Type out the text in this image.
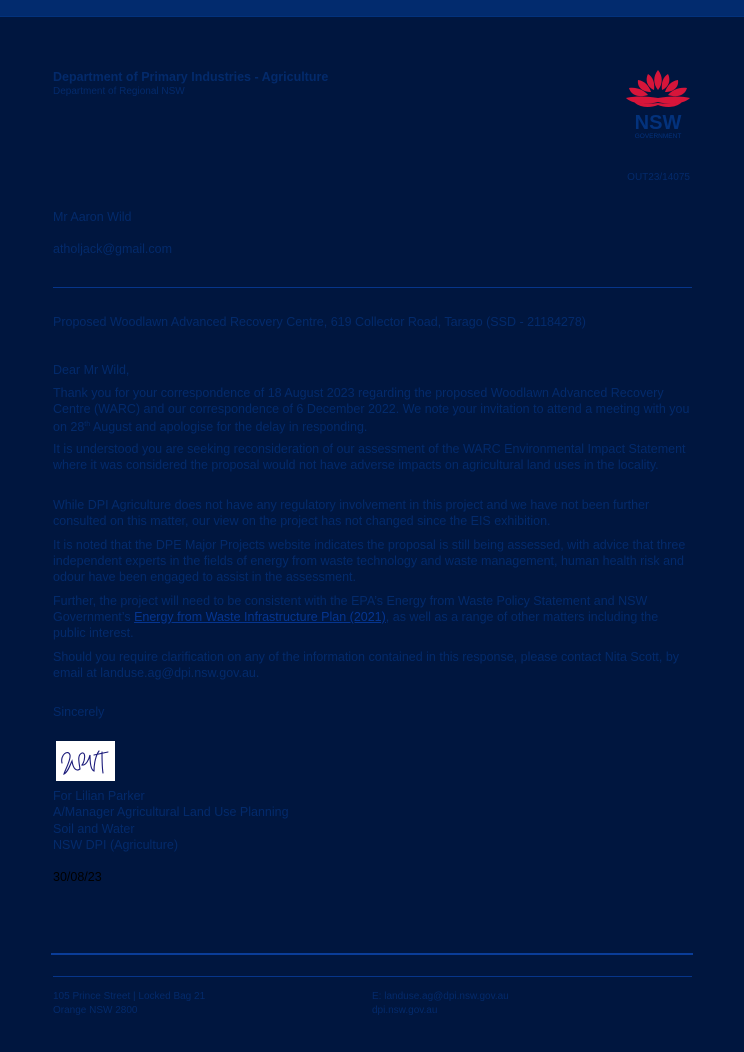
Department of Primary Industries - Agriculture
Department of Regional NSW
NSW
GOVERNMENT
OUT23/14075
Mr Aaron Wild
atholjack@gmail.com
Proposed Woodlawn Advanced Recovery Centre, 619 Collector Road, Tarago (SSD - 21184278)
Dear Mr Wild,
Thank you for your correspondence of 18 August 2023 regarding the proposed Woodlawn Advanced Recovery Centre (WARC) and our correspondence of 6 December 2022. We note your invitation to attend a meeting with you on 28th August and apologise for the delay in responding.
It is understood you are seeking reconsideration of our assessment of the WARC Environmental Impact Statement where it was considered the proposal would not have adverse impacts on agricultural land uses in the locality.
While DPI Agriculture does not have any regulatory involvement in this project and we have not been further consulted on this matter, our view on the project has not changed since the EIS exhibition.
It is noted that the DPE Major Projects website indicates the proposal is still being assessed, with advice that three independent experts in the fields of energy from waste technology and waste management, human health risk and odour have been engaged to assist in the assessment.
Further, the project will need to be consistent with the EPA’s Energy from Waste Policy Statement and NSW Government’s Energy from Waste Infrastructure Plan (2021), as well as a range of other matters including the public interest.
Should you require clarification on any of the information contained in this response, please contact Nita Scott, by email at landuse.ag@dpi.nsw.gov.au.
Sincerely
For Lilian Parker
A/Manager Agricultural Land Use Planning
Soil and Water
NSW DPI (Agriculture)
30/08/23
105 Prince Street | Locked Bag 21
Orange NSW 2800
E: landuse.ag@dpi.nsw.gov.au
dpi.nsw.gov.au
